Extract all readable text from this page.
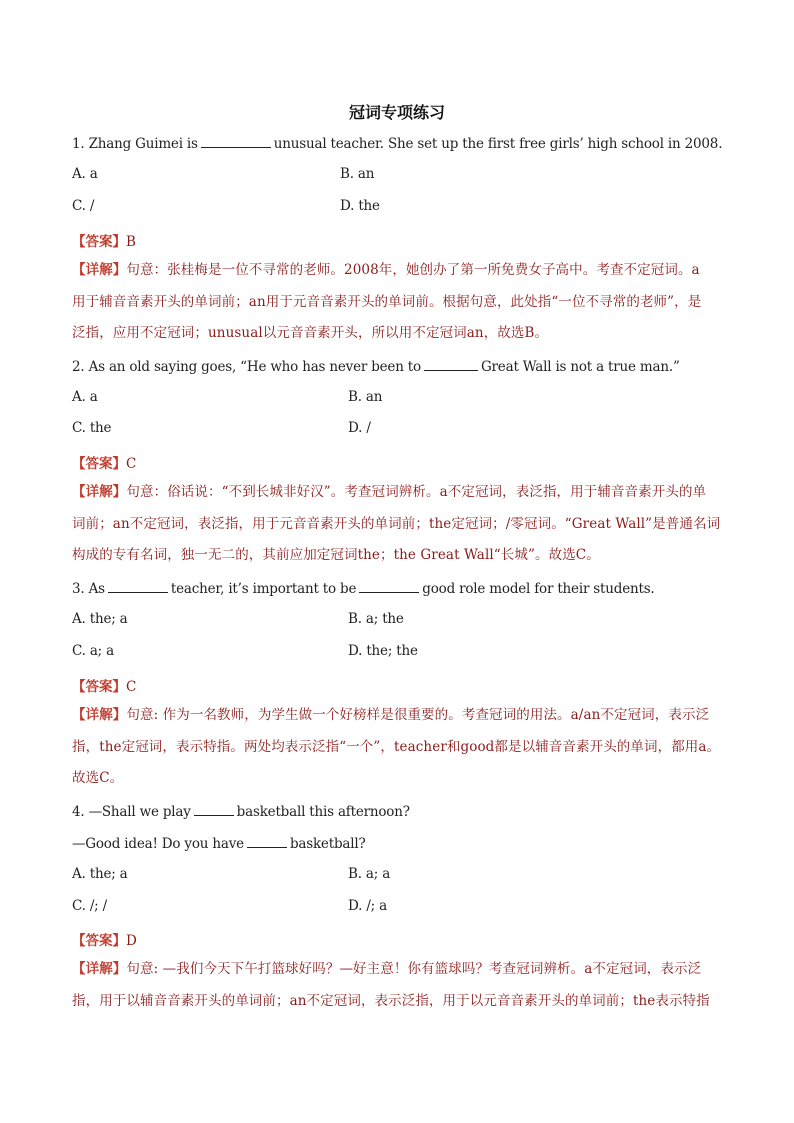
冠词专项练习
1. Zhang Guimei is	unusual teacher. She set up the first free girls’ high school in 2008.
A. a	B. an
C. /	D. the
【答案】B
【详解】句意：张桂梅是一位不寻常的老师。2008年，她创办了第一所免费女子高中。考查不定冠词。a
用于辅音音素开头的单词前；an用于元音音素开头的单词前。根据句意，此处指“一位不寻常的老师”，是
泛指，应用不定冠词；unusual以元音音素开头，所以用不定冠词an，故选B。
2. As an old saying goes, “He who has never been to	Great Wall is not a true man.”
A. a	B. an
C. the	D. /
【答案】C
【详解】句意：俗话说：“不到长城非好汉”。考查冠词辨析。a不定冠词，表泛指，用于辅音音素开头的单
词前；an不定冠词，表泛指，用于元音音素开头的单词前；the定冠词；/零冠词。“Great Wall”是普通名词
构成的专有名词，独一无二的，其前应加定冠词the；the Great Wall“长城”。故选C。
3. As	teacher, it’s important to be	good role model for their students.
A. the; a	B. a; the
C. a; a	D. the; the
【答案】C
【详解】句意: 作为一名教师，为学生做一个好榜样是很重要的。考查冠词的用法。a/an不定冠词，表示泛
指，the定冠词，表示特指。两处均表示泛指“一个”，teacher和good都是以辅音音素开头的单词，都用a。
故选C。
4. —Shall we play	basketball this afternoon?
—Good idea! Do you have	basketball?
A. the; a	B. a; a
C. /; /	D. /; a
【答案】D
【详解】句意: —我们今天下午打篮球好吗？—好主意！你有篮球吗？考查冠词辨析。a不定冠词，表示泛
指，用于以辅音音素开头的单词前；an不定冠词，表示泛指，用于以元音音素开头的单词前；the表示特指
